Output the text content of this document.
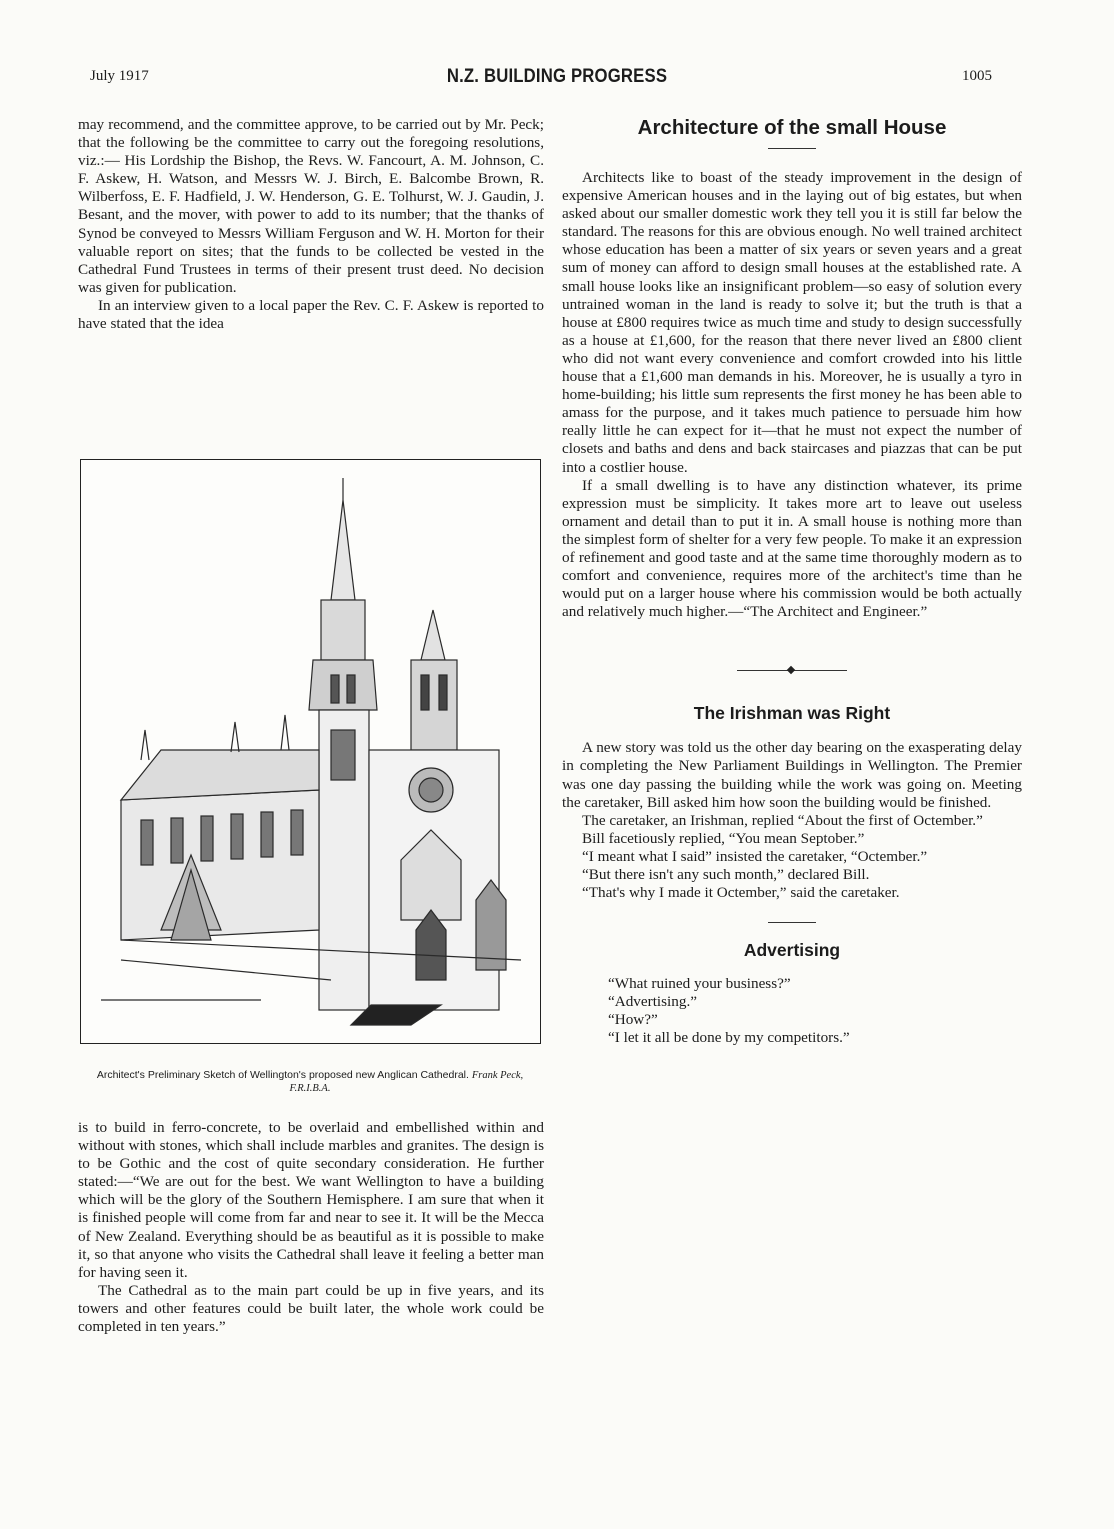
July 1917	N.Z. BUILDING PROGRESS	1005

may recommend, and the committee approve, to be carried out by Mr. Peck; that the following be the committee to carry out the foregoing resolutions, viz.:— His Lordship the Bishop, the Revs. W. Fancourt, A. M. Johnson, C. F. Askew, H. Watson, and Messrs W. J. Birch, E. Balcombe Brown, R. Wilberfoss, E. F. Hadfield, J. W. Henderson, G. E. Tolhurst, W. J. Gaudin, J. Besant, and the mover, with power to add to its number; that the thanks of Synod be conveyed to Messrs William Ferguson and W. H. Morton for their valuable report on sites; that the funds to be collected be vested in the Cathedral Fund Trustees in terms of their present trust deed. No decision was given for publication.

In an interview given to a local paper the Rev. C. F. Askew is reported to have stated that the idea

Architect's Preliminary Sketch of Wellington's proposed new Anglican Cathedral. Frank Peck, F.R.I.B.A.

is to build in ferro-concrete, to be overlaid and embellished within and without with stones, which shall include marbles and granites. The design is to be Gothic and the cost of quite secondary consideration. He further stated:—“We are out for the best. We want Wellington to have a building which will be the glory of the Southern Hemisphere. I am sure that when it is finished people will come from far and near to see it. It will be the Mecca of New Zealand. Everything should be as beautiful as it is possible to make it, so that anyone who visits the Cathedral shall leave it feeling a better man for having seen it.

The Cathedral as to the main part could be up in five years, and its towers and other features could be built later, the whole work could be completed in ten years.”

Architecture of the small House

Architects like to boast of the steady improvement in the design of expensive American houses and in the laying out of big estates, but when asked about our smaller domestic work they tell you it is still far below the standard. The reasons for this are obvious enough. No well trained architect whose education has been a matter of six years or seven years and a great sum of money can afford to design small houses at the established rate. A small house looks like an insignificant problem—so easy of solution every untrained woman in the land is ready to solve it; but the truth is that a house at £800 requires twice as much time and study to design successfully as a house at £1,600, for the reason that there never lived an £800 client who did not want every convenience and comfort crowded into his little house that a £1,600 man demands in his. Moreover, he is usually a tyro in home-building; his little sum represents the first money he has been able to amass for the purpose, and it takes much patience to persuade him how really little he can expect for it—that he must not expect the number of closets and baths and dens and back staircases and piazzas that can be put into a costlier house.

If a small dwelling is to have any distinction whatever, its prime expression must be simplicity. It takes more art to leave out useless ornament and detail than to put it in. A small house is nothing more than the simplest form of shelter for a very few people. To make it an expression of refinement and good taste and at the same time thoroughly modern as to comfort and convenience, requires more of the architect's time than he would put on a larger house where his commission would be both actually and relatively much higher.—“The Architect and Engineer.”

The Irishman was Right

A new story was told us the other day bearing on the exasperating delay in completing the New Parliament Buildings in Wellington. The Premier was one day passing the building while the work was going on. Meeting the caretaker, Bill asked him how soon the building would be finished.

The caretaker, an Irishman, replied “About the first of Octember.”

Bill facetiously replied, “You mean Septober.”

“I meant what I said” insisted the caretaker, “Octember.”

“But there isn't any such month,” declared Bill.

“That's why I made it Octember,” said the caretaker.

Advertising

“What ruined your business?”

“Advertising.”

“How?”

“I let it all be done by my competitors.”
